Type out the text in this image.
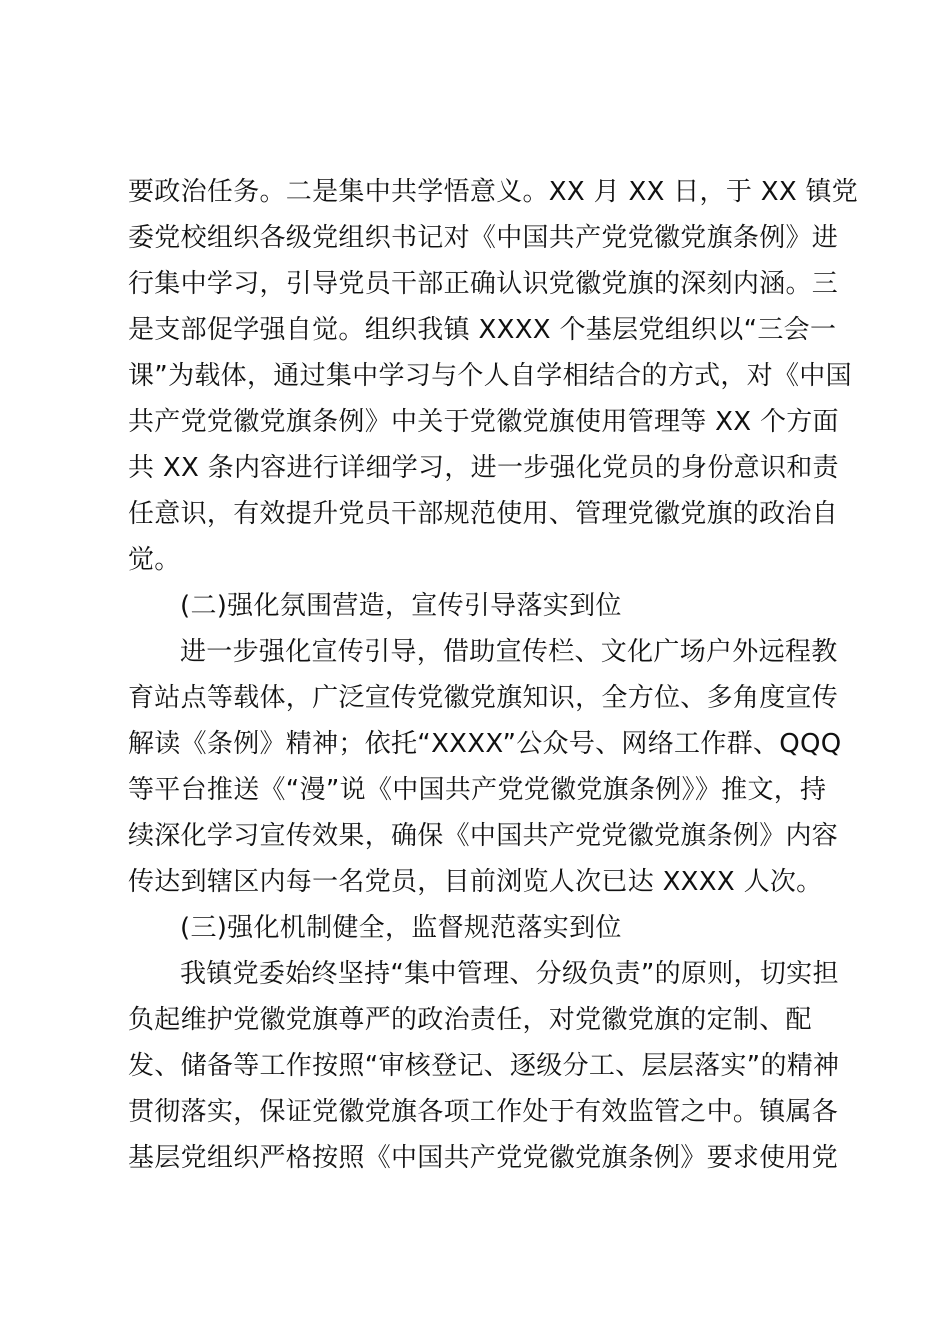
要政治任务。二是集中共学悟意义。XX 月 XX 日，于 XX 镇党
委党校组织各级党组织书记对《中国共产党党徽党旗条例》进
行集中学习，引导党员干部正确认识党徽党旗的深刻内涵。三
是支部促学强自觉。组织我镇 XXXX 个基层党组织以“三会一
课”为载体，通过集中学习与个人自学相结合的方式，对《中国
共产党党徽党旗条例》中关于党徽党旗使用管理等 XX 个方面
共 XX 条内容进行详细学习，进一步强化党员的身份意识和责
任意识，有效提升党员干部规范使用、管理党徽党旗的政治自
觉。
(二)强化氛围营造，宣传引导落实到位
进一步强化宣传引导，借助宣传栏、文化广场户外远程教
育站点等载体，广泛宣传党徽党旗知识，全方位、多角度宣传
解读《条例》精神；依托“XXXX”公众号、网络工作群、QQQ
等平台推送《“漫”说《中国共产党党徽党旗条例》》推文，持
续深化学习宣传效果，确保《中国共产党党徽党旗条例》内容
传达到辖区内每一名党员，目前浏览人次已达 XXXX 人次。
(三)强化机制健全，监督规范落实到位
我镇党委始终坚持“集中管理、分级负责”的原则，切实担
负起维护党徽党旗尊严的政治责任，对党徽党旗的定制、配
发、储备等工作按照“审核登记、逐级分工、层层落实”的精神
贯彻落实，保证党徽党旗各项工作处于有效监管之中。镇属各
基层党组织严格按照《中国共产党党徽党旗条例》要求使用党
